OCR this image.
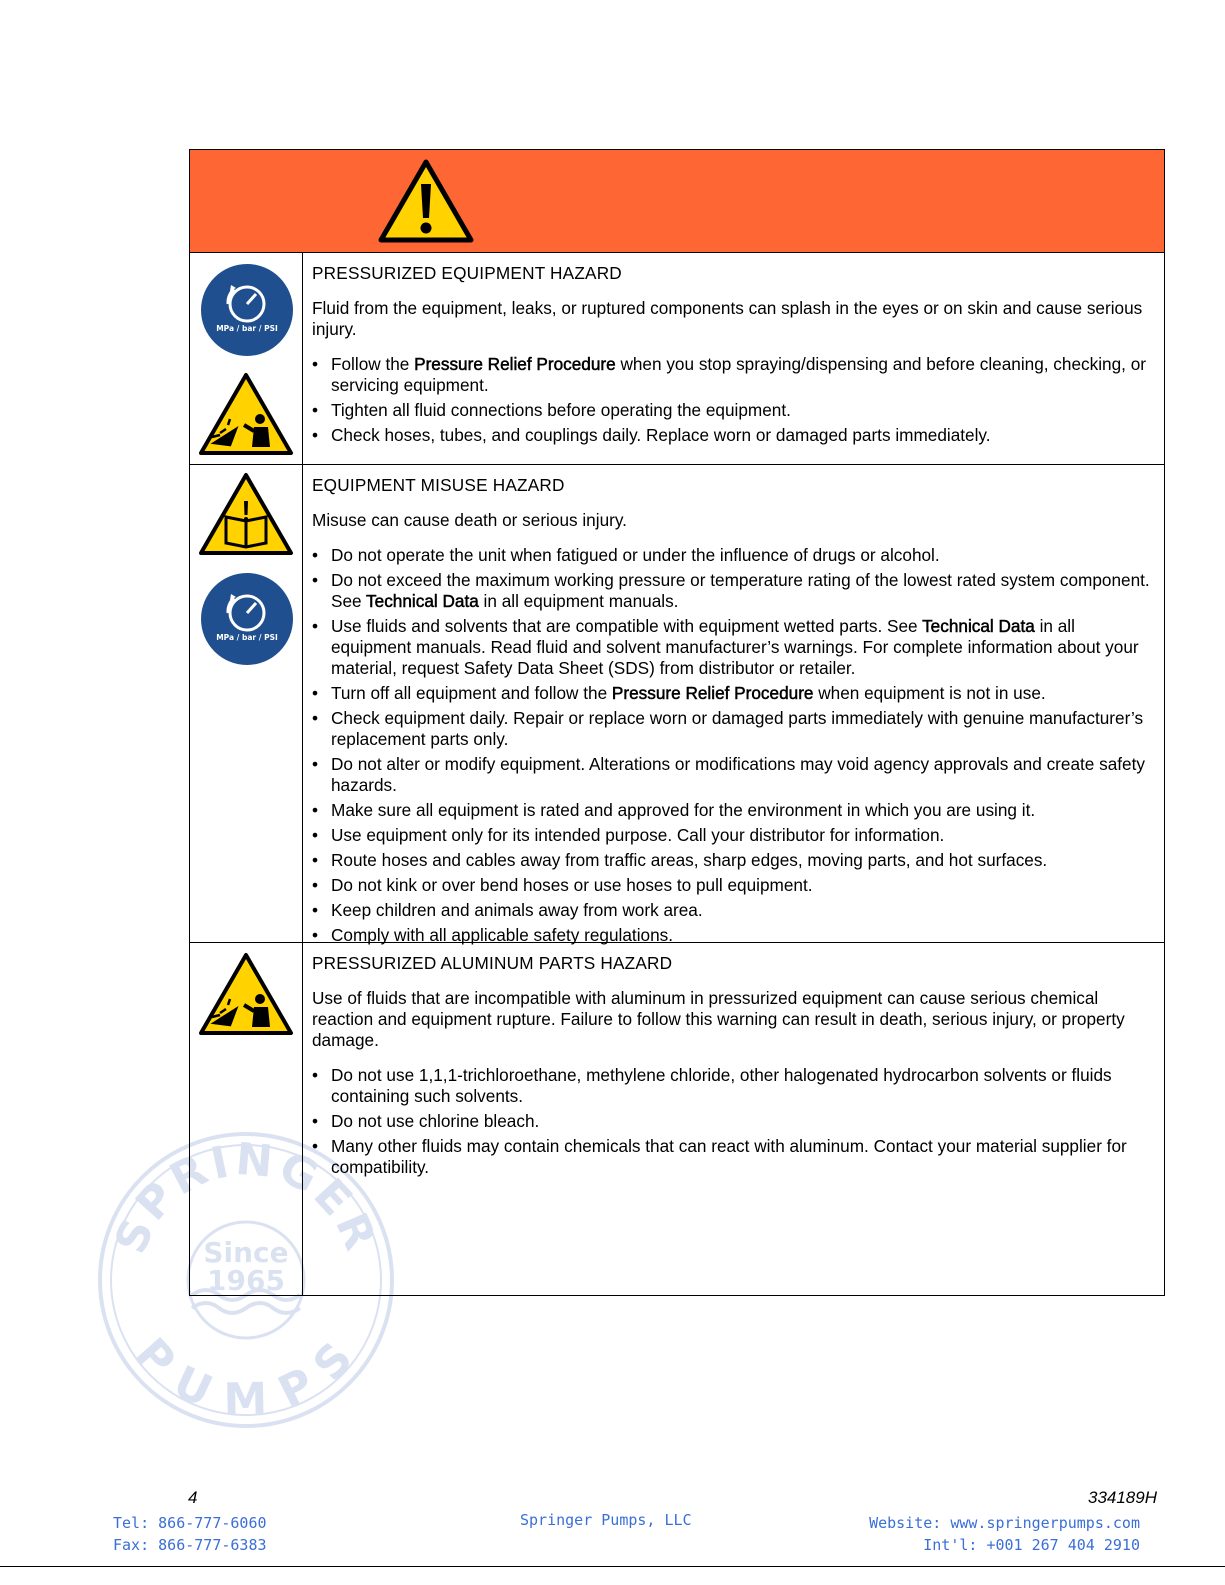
SPRINGER
PUMPS
Since
1965
MPa / bar / PSI
PRESSURIZED EQUIPMENT HAZARD
Fluid from the equipment, leaks, or ruptured components can splash in the eyes or on skin and cause serious injury.
• Follow the Pressure Relief Procedure when you stop spraying/dispensing and before cleaning, checking, or servicing equipment.
• Tighten all fluid connections before operating the equipment.
• Check hoses, tubes, and couplings daily. Replace worn or damaged parts immediately.
MPa / bar / PSI
EQUIPMENT MISUSE HAZARD
Misuse can cause death or serious injury.
• Do not operate the unit when fatigued or under the influence of drugs or alcohol.
• Do not exceed the maximum working pressure or temperature rating of the lowest rated system component. See Technical Data in all equipment manuals.
• Use fluids and solvents that are compatible with equipment wetted parts. See Technical Data in all equipment manuals. Read fluid and solvent manufacturer’s warnings. For complete information about your material, request Safety Data Sheet (SDS) from distributor or retailer.
• Turn off all equipment and follow the Pressure Relief Procedure when equipment is not in use.
• Check equipment daily. Repair or replace worn or damaged parts immediately with genuine manufacturer’s replacement parts only.
• Do not alter or modify equipment. Alterations or modifications may void agency approvals and create safety hazards.
• Make sure all equipment is rated and approved for the environment in which you are using it.
• Use equipment only for its intended purpose. Call your distributor for information.
• Route hoses and cables away from traffic areas, sharp edges, moving parts, and hot surfaces.
• Do not kink or over bend hoses or use hoses to pull equipment.
• Keep children and animals away from work area.
• Comply with all applicable safety regulations.
PRESSURIZED ALUMINUM PARTS HAZARD
Use of fluids that are incompatible with aluminum in pressurized equipment can cause serious chemical reaction and equipment rupture. Failure to follow this warning can result in death, serious injury, or property damage.
• Do not use 1,1,1-trichloroethane, methylene chloride, other halogenated hydrocarbon solvents or fluids containing such solvents.
• Do not use chlorine bleach.
• Many other fluids may contain chemicals that can react with aluminum. Contact your material supplier for compatibility.
4	334189H
Tel: 866-777-6060
Fax: 866-777-6383
Springer Pumps, LLC	Website: www.springerpumps.com
Int'l: +001 267 404 2910
